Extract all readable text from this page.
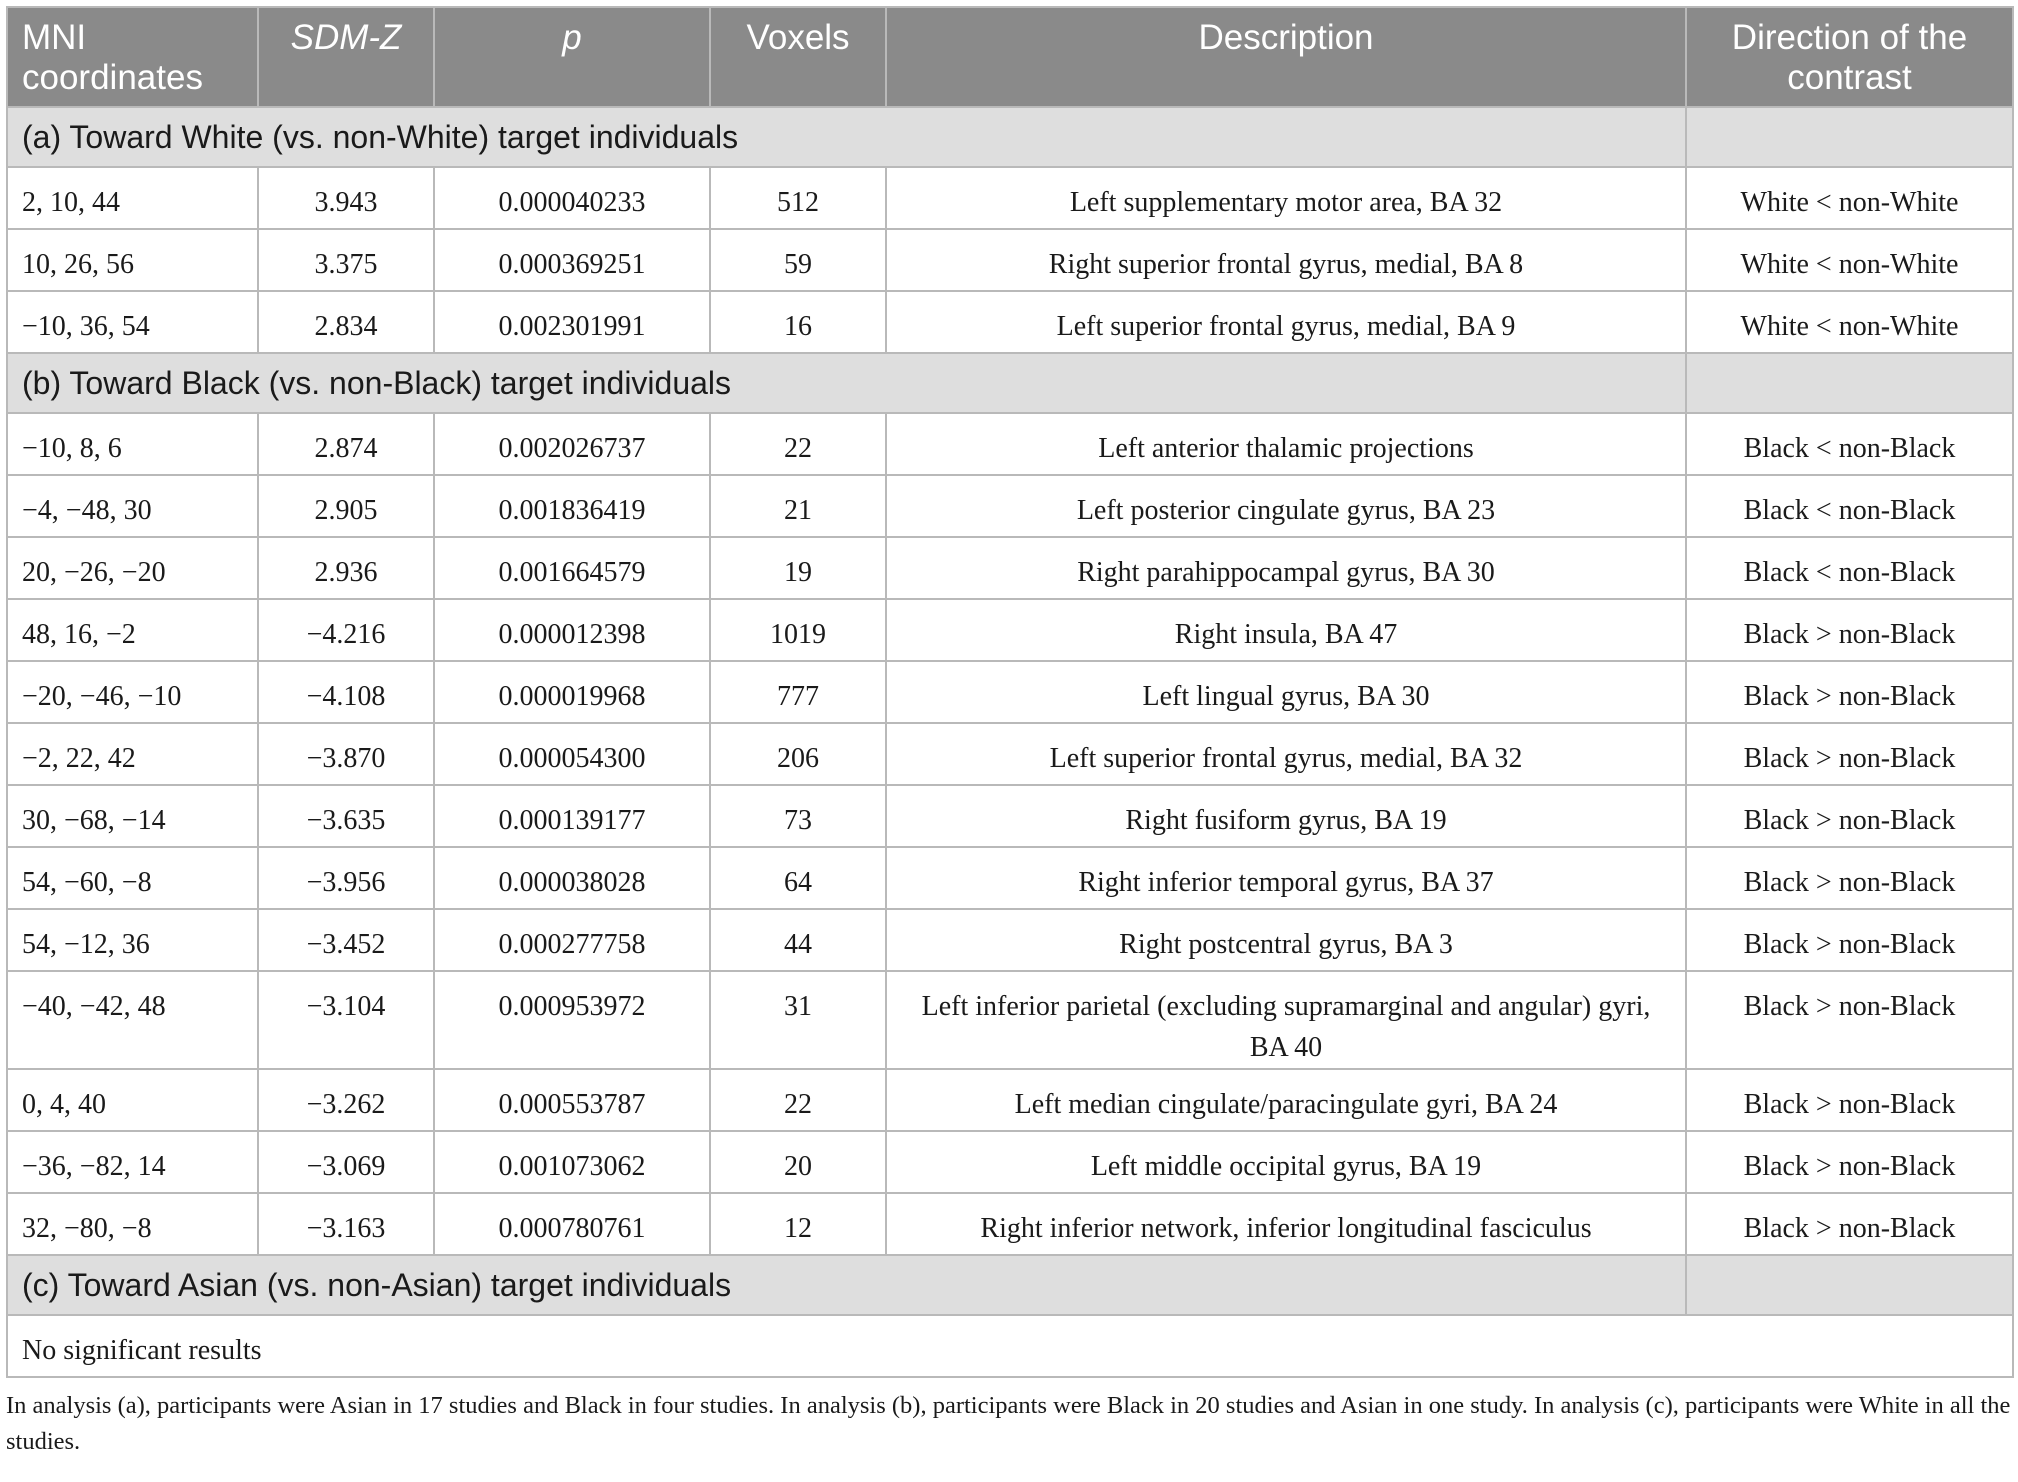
MNI coordinates	SDM-Z	p	Voxels	Description	Direction of the contrast
(a) Toward White (vs. non-White) target individuals					
2, 10, 44	3.943	0.000040233	512	Left supplementary motor area, BA 32	White < non-White
10, 26, 56	3.375	0.000369251	59	Right superior frontal gyrus, medial, BA 8	White < non-White
−10, 36, 54	2.834	0.002301991	16	Left superior frontal gyrus, medial, BA 9	White < non-White
(b) Toward Black (vs. non-Black) target individuals					
−10, 8, 6	2.874	0.002026737	22	Left anterior thalamic projections	Black < non-Black
−4, −48, 30	2.905	0.001836419	21	Left posterior cingulate gyrus, BA 23	Black < non-Black
20, −26, −20	2.936	0.001664579	19	Right parahippocampal gyrus, BA 30	Black < non-Black
48, 16, −2	−4.216	0.000012398	1019	Right insula, BA 47	Black > non-Black
−20, −46, −10	−4.108	0.000019968	777	Left lingual gyrus, BA 30	Black > non-Black
−2, 22, 42	−3.870	0.000054300	206	Left superior frontal gyrus, medial, BA 32	Black > non-Black
30, −68, −14	−3.635	0.000139177	73	Right fusiform gyrus, BA 19	Black > non-Black
54, −60, −8	−3.956	0.000038028	64	Right inferior temporal gyrus, BA 37	Black > non-Black
54, −12, 36	−3.452	0.000277758	44	Right postcentral gyrus, BA 3	Black > non-Black
−40, −42, 48	−3.104	0.000953972	31	Left inferior parietal (excluding supramarginal and angular) gyri, BA 40	Black > non-Black
0, 4, 40	−3.262	0.000553787	22	Left median cingulate/paracingulate gyri, BA 24	Black > non-Black
−36, −82, 14	−3.069	0.001073062	20	Left middle occipital gyrus, BA 19	Black > non-Black
32, −80, −8	−3.163	0.000780761	12	Right inferior network, inferior longitudinal fasciculus	Black > non-Black
(c) Toward Asian (vs. non-Asian) target individuals					
No significant results					
In analysis (a), participants were Asian in 17 studies and Black in four studies. In analysis (b), participants were Black in 20 studies and Asian in one study. In analysis (c), participants were White in all the studies.
